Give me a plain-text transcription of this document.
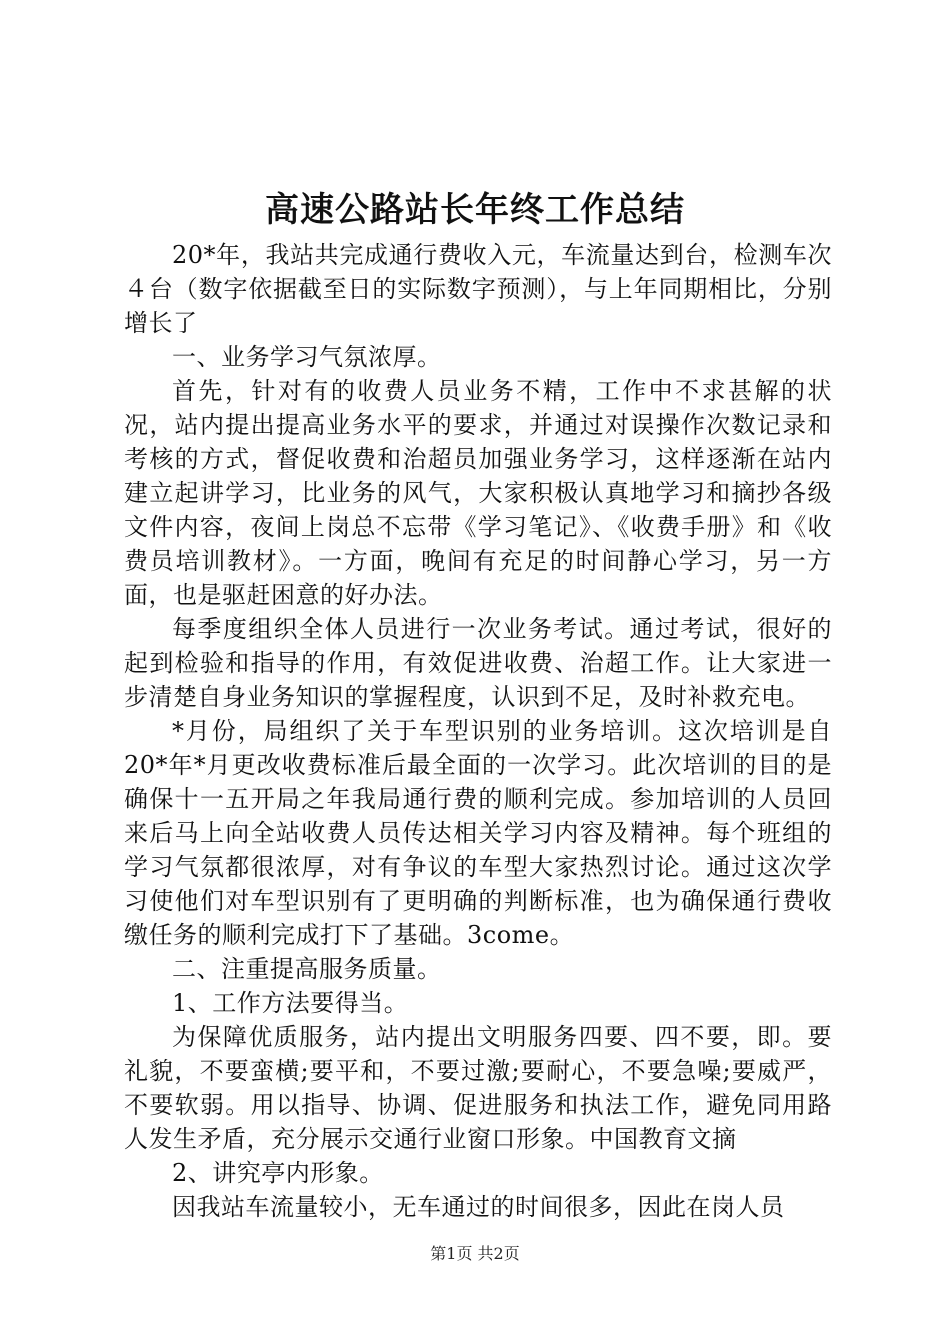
高速公路站长年终工作总结

20*年，我站共完成通行费收入元，车流量达到台，检测车次４台（数字依据截至日的实际数字预测），与上年同期相比，分别增长了

一、业务学习气氛浓厚。

首先，针对有的收费人员业务不精，工作中不求甚解的状况，站内提出提高业务水平的要求，并通过对误操作次数记录和考核的方式，督促收费和治超员加强业务学习，这样逐渐在站内建立起讲学习，比业务的风气，大家积极认真地学习和摘抄各级文件内容，夜间上岗总不忘带《学习笔记》、《收费手册》和《收费员培训教材》。一方面，晚间有充足的时间静心学习，另一方面，也是驱赶困意的好办法。

每季度组织全体人员进行一次业务考试。通过考试，很好的起到检验和指导的作用，有效促进收费、治超工作。让大家进一步清楚自身业务知识的掌握程度，认识到不足，及时补救充电。

*月份，局组织了关于车型识别的业务培训。这次培训是自20*年*月更改收费标准后最全面的一次学习。此次培训的目的是确保十一五开局之年我局通行费的顺利完成。参加培训的人员回来后马上向全站收费人员传达相关学习内容及精神。每个班组的学习气氛都很浓厚，对有争议的车型大家热烈讨论。通过这次学习使他们对车型识别有了更明确的判断标准，也为确保通行费收缴任务的顺利完成打下了基础。3come。

二、注重提高服务质量。

1、工作方法要得当。

为保障优质服务，站内提出文明服务四要、四不要，即。要礼貌，不要蛮横;要平和，不要过激;要耐心，不要急噪;要威严，不要软弱。用以指导、协调、促进服务和执法工作，避免同用路人发生矛盾，充分展示交通行业窗口形象。中国教育文摘

2、讲究亭内形象。

因我站车流量较小，无车通过的时间很多，因此在岗人员

第1页 共2页
